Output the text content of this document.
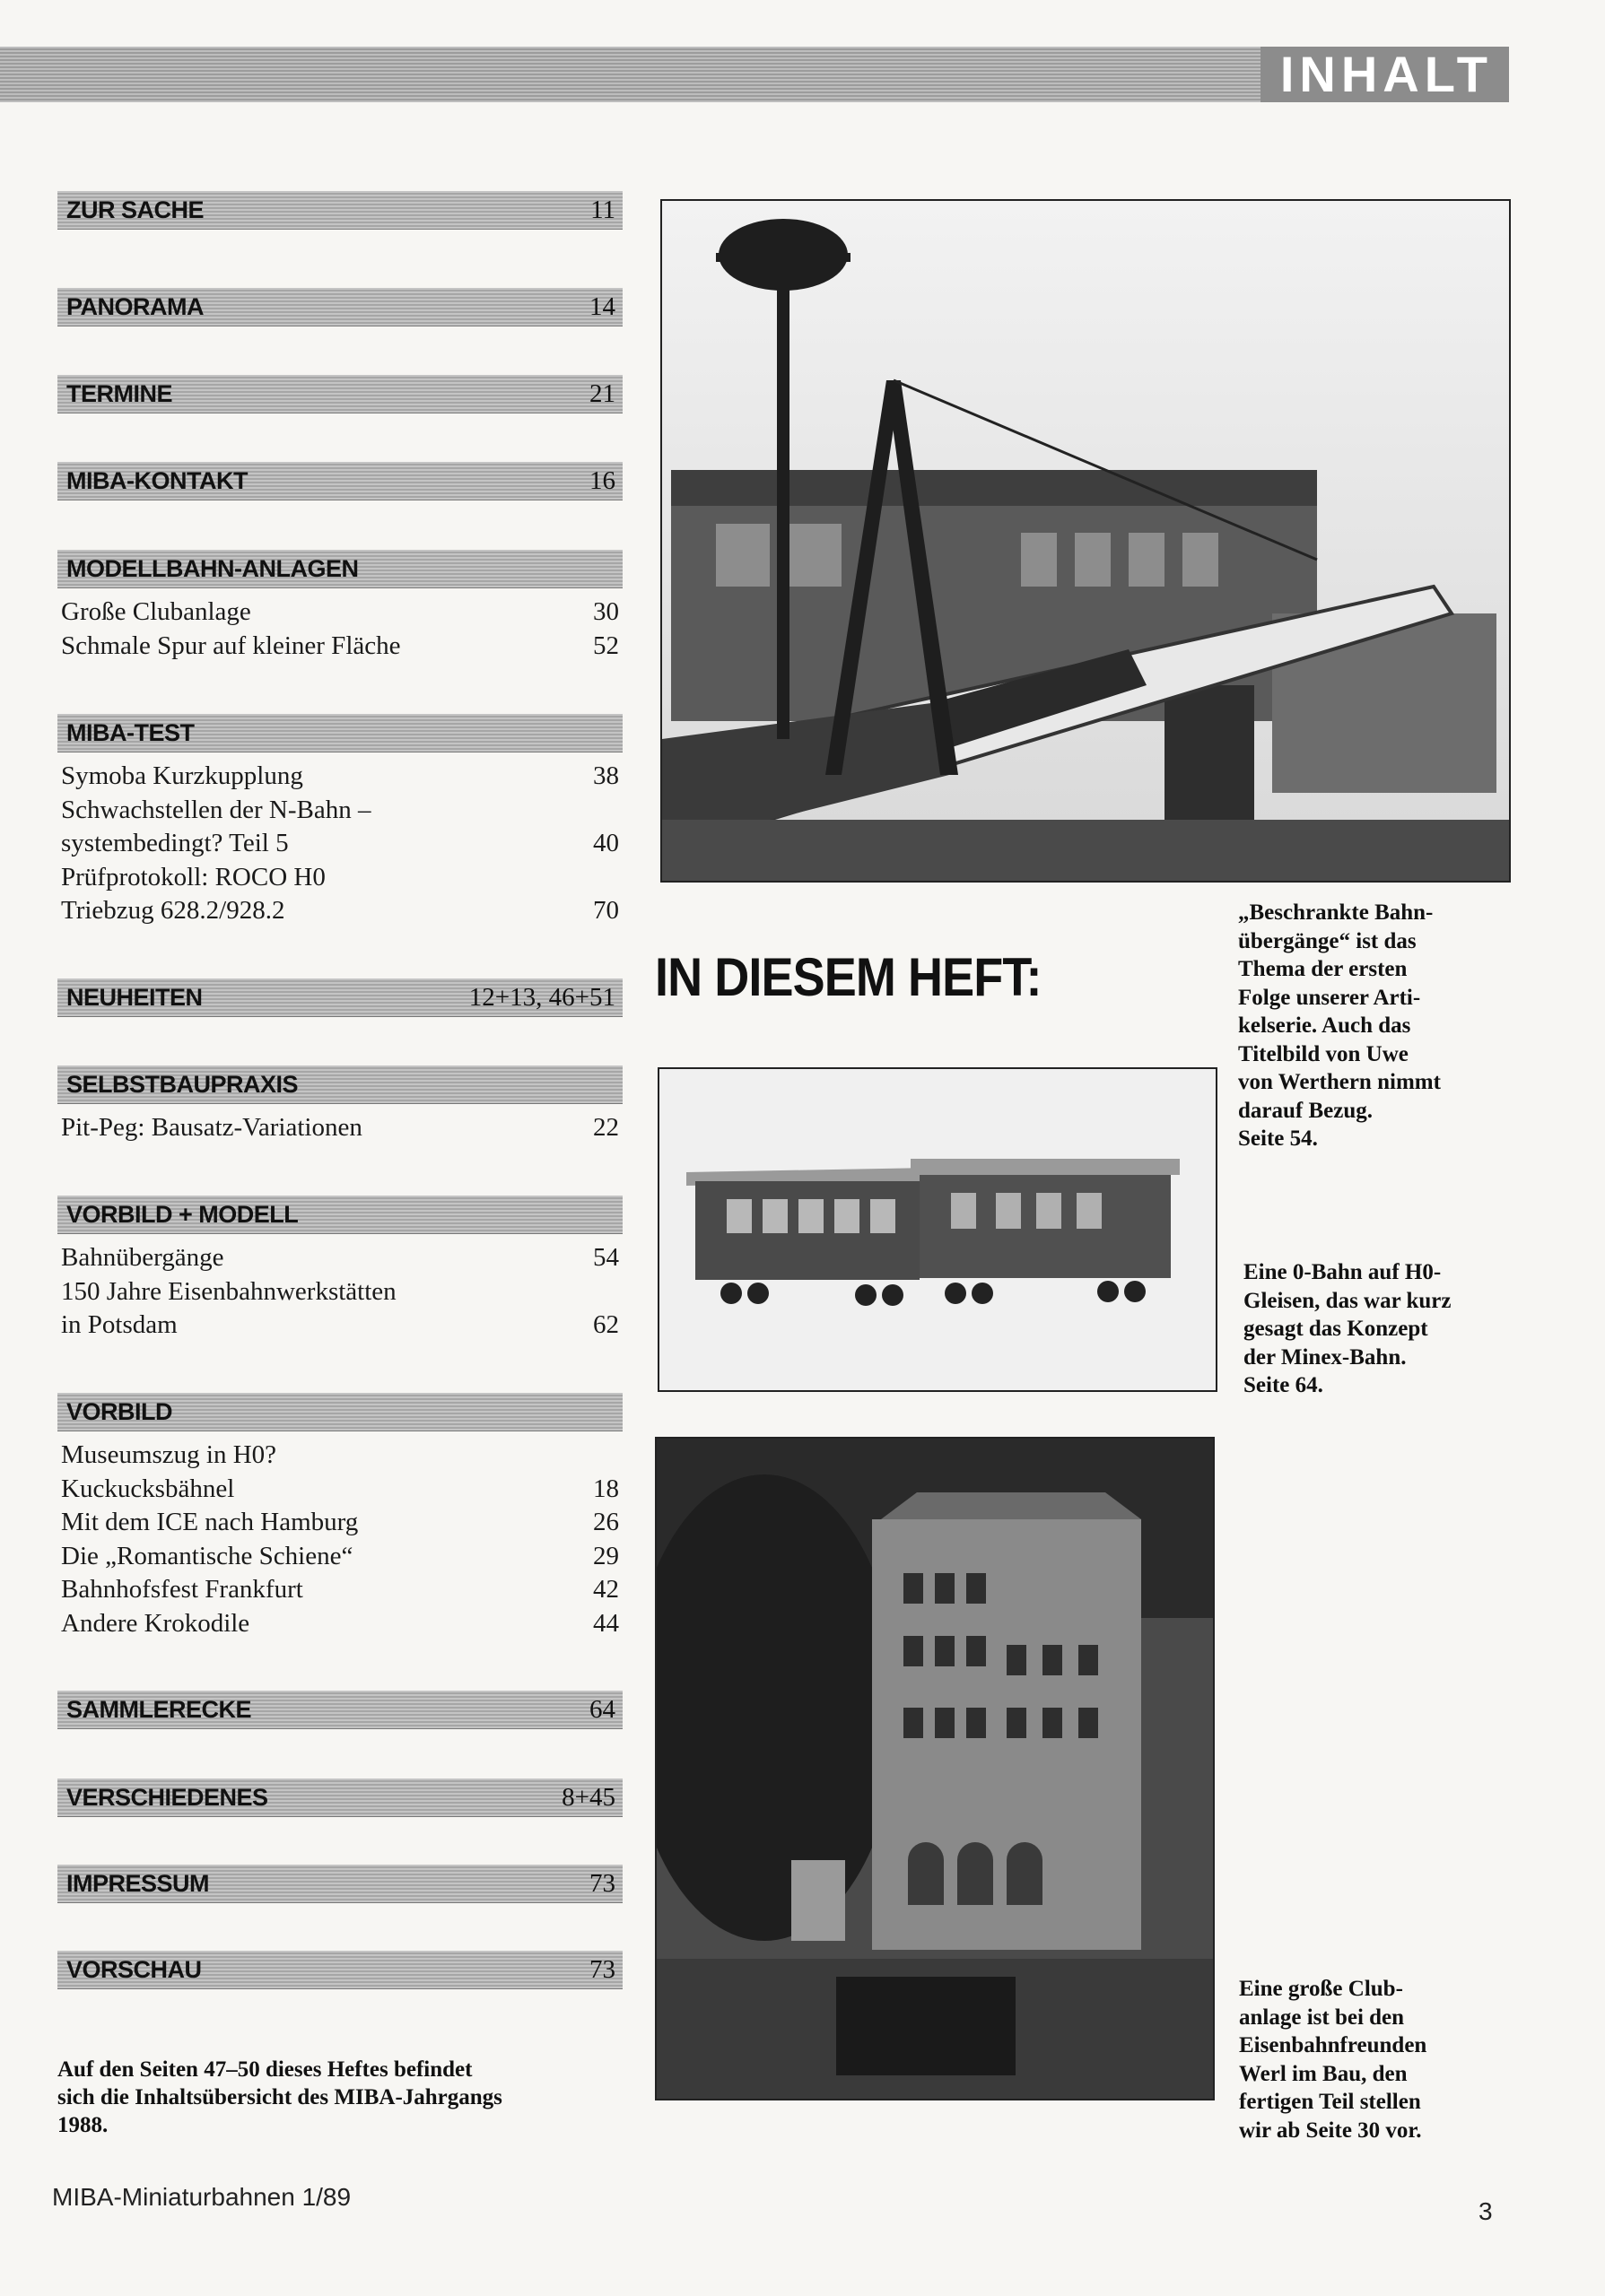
INHALT
ZUR SACHE	11
PANORAMA	14
TERMINE	21
MIBA-KONTAKT	16
MODELLBAHN-ANLAGEN
Große Clubanlage	30
Schmale Spur auf kleiner Fläche	52
MIBA-TEST
Symoba Kurzkupplung	38
Schwachstellen der N-Bahn –
systembedingt? Teil 5	40
Prüfprotokoll: ROCO H0
Triebzug 628.2/928.2	70
NEUHEITEN	12+13, 46+51
SELBSTBAUPRAXIS
Pit-Peg: Bausatz-Variationen	22
VORBILD + MODELL
Bahnübergänge	54
150 Jahre Eisenbahnwerkstätten
in Potsdam	62
VORBILD
Museumszug in H0?
Kuckucksbähnel	18
Mit dem ICE nach Hamburg	26
Die „Romantische Schiene“	29
Bahnhofsfest Frankfurt	42
Andere Krokodile	44
SAMMLERECKE	64
VERSCHIEDENES	8+45
IMPRESSUM	73
VORSCHAU	73
IN DIESEM HEFT:
„Beschrankte Bahn-
übergänge“ ist das
Thema der ersten
Folge unserer Arti-
kelserie. Auch das
Titelbild von Uwe
von Werthern nimmt
darauf Bezug.
Seite 54.
Eine 0-Bahn auf H0-
Gleisen, das war kurz
gesagt das Konzept
der Minex-Bahn.
Seite 64.
Eine große Club-
anlage ist bei den
Eisenbahnfreunden
Werl im Bau, den
fertigen Teil stellen
wir ab Seite 30 vor.
Auf den Seiten 47–50 dieses Heftes befindet
sich die Inhaltsübersicht des MIBA-Jahrgangs
1988.
MIBA-Miniaturbahnen 1/89
3
